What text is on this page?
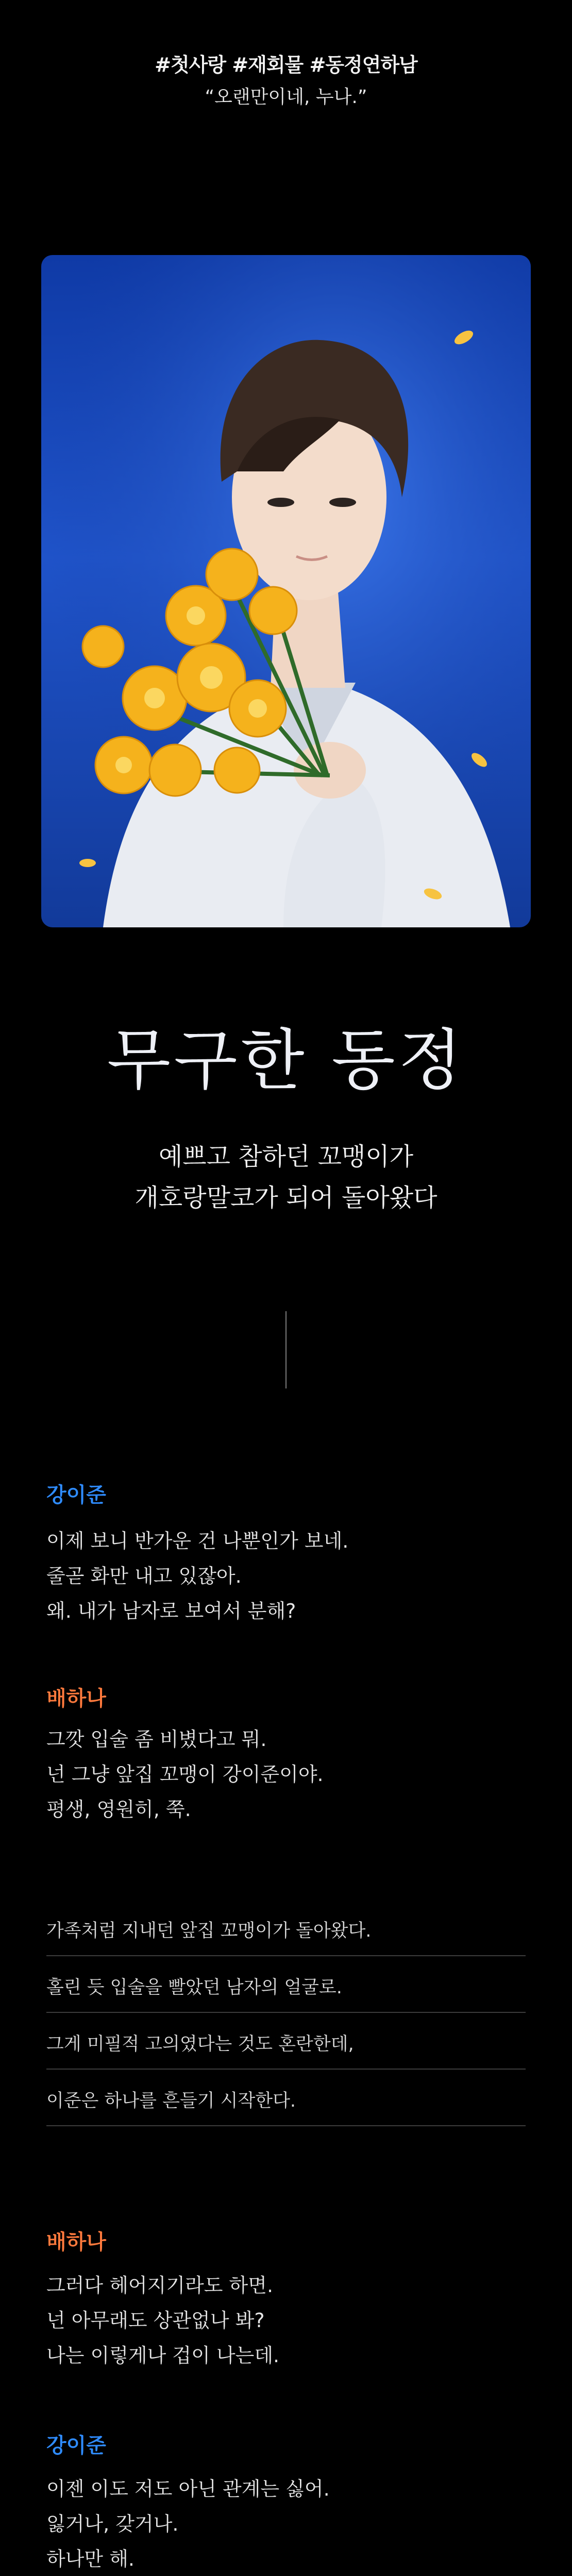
#첫사랑 #재회물 #동정연하남
“오랜만이네, 누나.”
무구한 동정
예쁘고 참하던 꼬맹이가
개호랑말코가 되어 돌아왔다
강이준
이제 보니 반가운 건 나뿐인가 보네.
줄곧 화만 내고 있잖아.
왜. 내가 남자로 보여서 분해?
배하나
그깟 입술 좀 비볐다고 뭐.
넌 그냥 앞집 꼬맹이 강이준이야.
평생, 영원히, 쭉.
가족처럼 지내던 앞집 꼬맹이가 돌아왔다.
홀린 듯 입술을 빨았던 남자의 얼굴로.
그게 미필적 고의였다는 것도 혼란한데,
이준은 하나를 흔들기 시작한다.
배하나
그러다 헤어지기라도 하면.
넌 아무래도 상관없나 봐?
나는 이렇게나 겁이 나는데.
강이준
이젠 이도 저도 아닌 관계는 싫어.
잃거나, 갖거나.
하나만 해.
